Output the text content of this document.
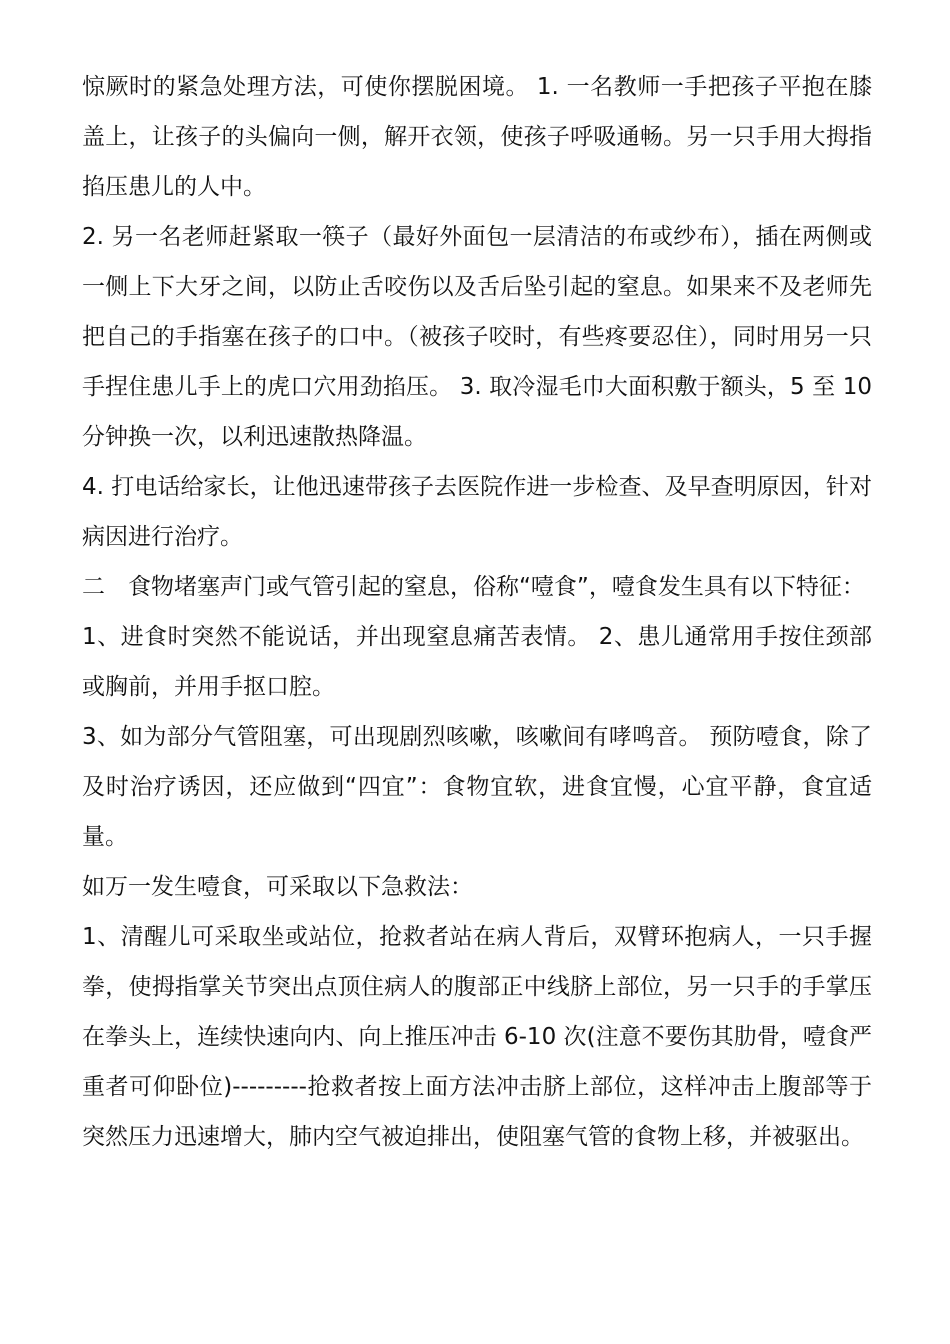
惊厥时的紧急处理方法，可使你摆脱困境。 1. 一名教师一手把孩子平抱在膝盖上，让孩子的头偏向一侧，解开衣领，使孩子呼吸通畅。另一只手用大拇指掐压患儿的人中。

2. 另一名老师赶紧取一筷子（最好外面包一层清洁的布或纱布），插在两侧或一侧上下大牙之间，以防止舌咬伤以及舌后坠引起的窒息。如果来不及老师先把自己的手指塞在孩子的口中。（被孩子咬时，有些疼要忍住），同时用另一只手捏住患儿手上的虎口穴用劲掐压。 3. 取冷湿毛巾大面积敷于额头，5 至 10 分钟换一次，以利迅速散热降温。

4. 打电话给家长，让他迅速带孩子去医院作进一步检查、及早查明原因，针对病因进行治疗。

二　食物堵塞声门或气管引起的窒息，俗称“噎食”，噎食发生具有以下特征：

1、进食时突然不能说话，并出现窒息痛苦表情。 2、患儿通常用手按住颈部或胸前，并用手抠口腔。

3、如为部分气管阻塞，可出现剧烈咳嗽，咳嗽间有哮鸣音。 预防噎食，除了及时治疗诱因，还应做到“四宜”：食物宜软，进食宜慢，心宜平静，食宜适量。

如万一发生噎食，可采取以下急救法：

1、清醒儿可采取坐或站位，抢救者站在病人背后，双臂环抱病人，一只手握拳，使拇指掌关节突出点顶住病人的腹部正中线脐上部位，另一只手的手掌压在拳头上，连续快速向内、向上推压冲击 6-10 次(注意不要伤其肋骨，噎食严重者可仰卧位)---------抢救者按上面方法冲击脐上部位，这样冲击上腹部等于突然压力迅速增大，肺内空气被迫排出，使阻塞气管的食物上移，并被驱出。
